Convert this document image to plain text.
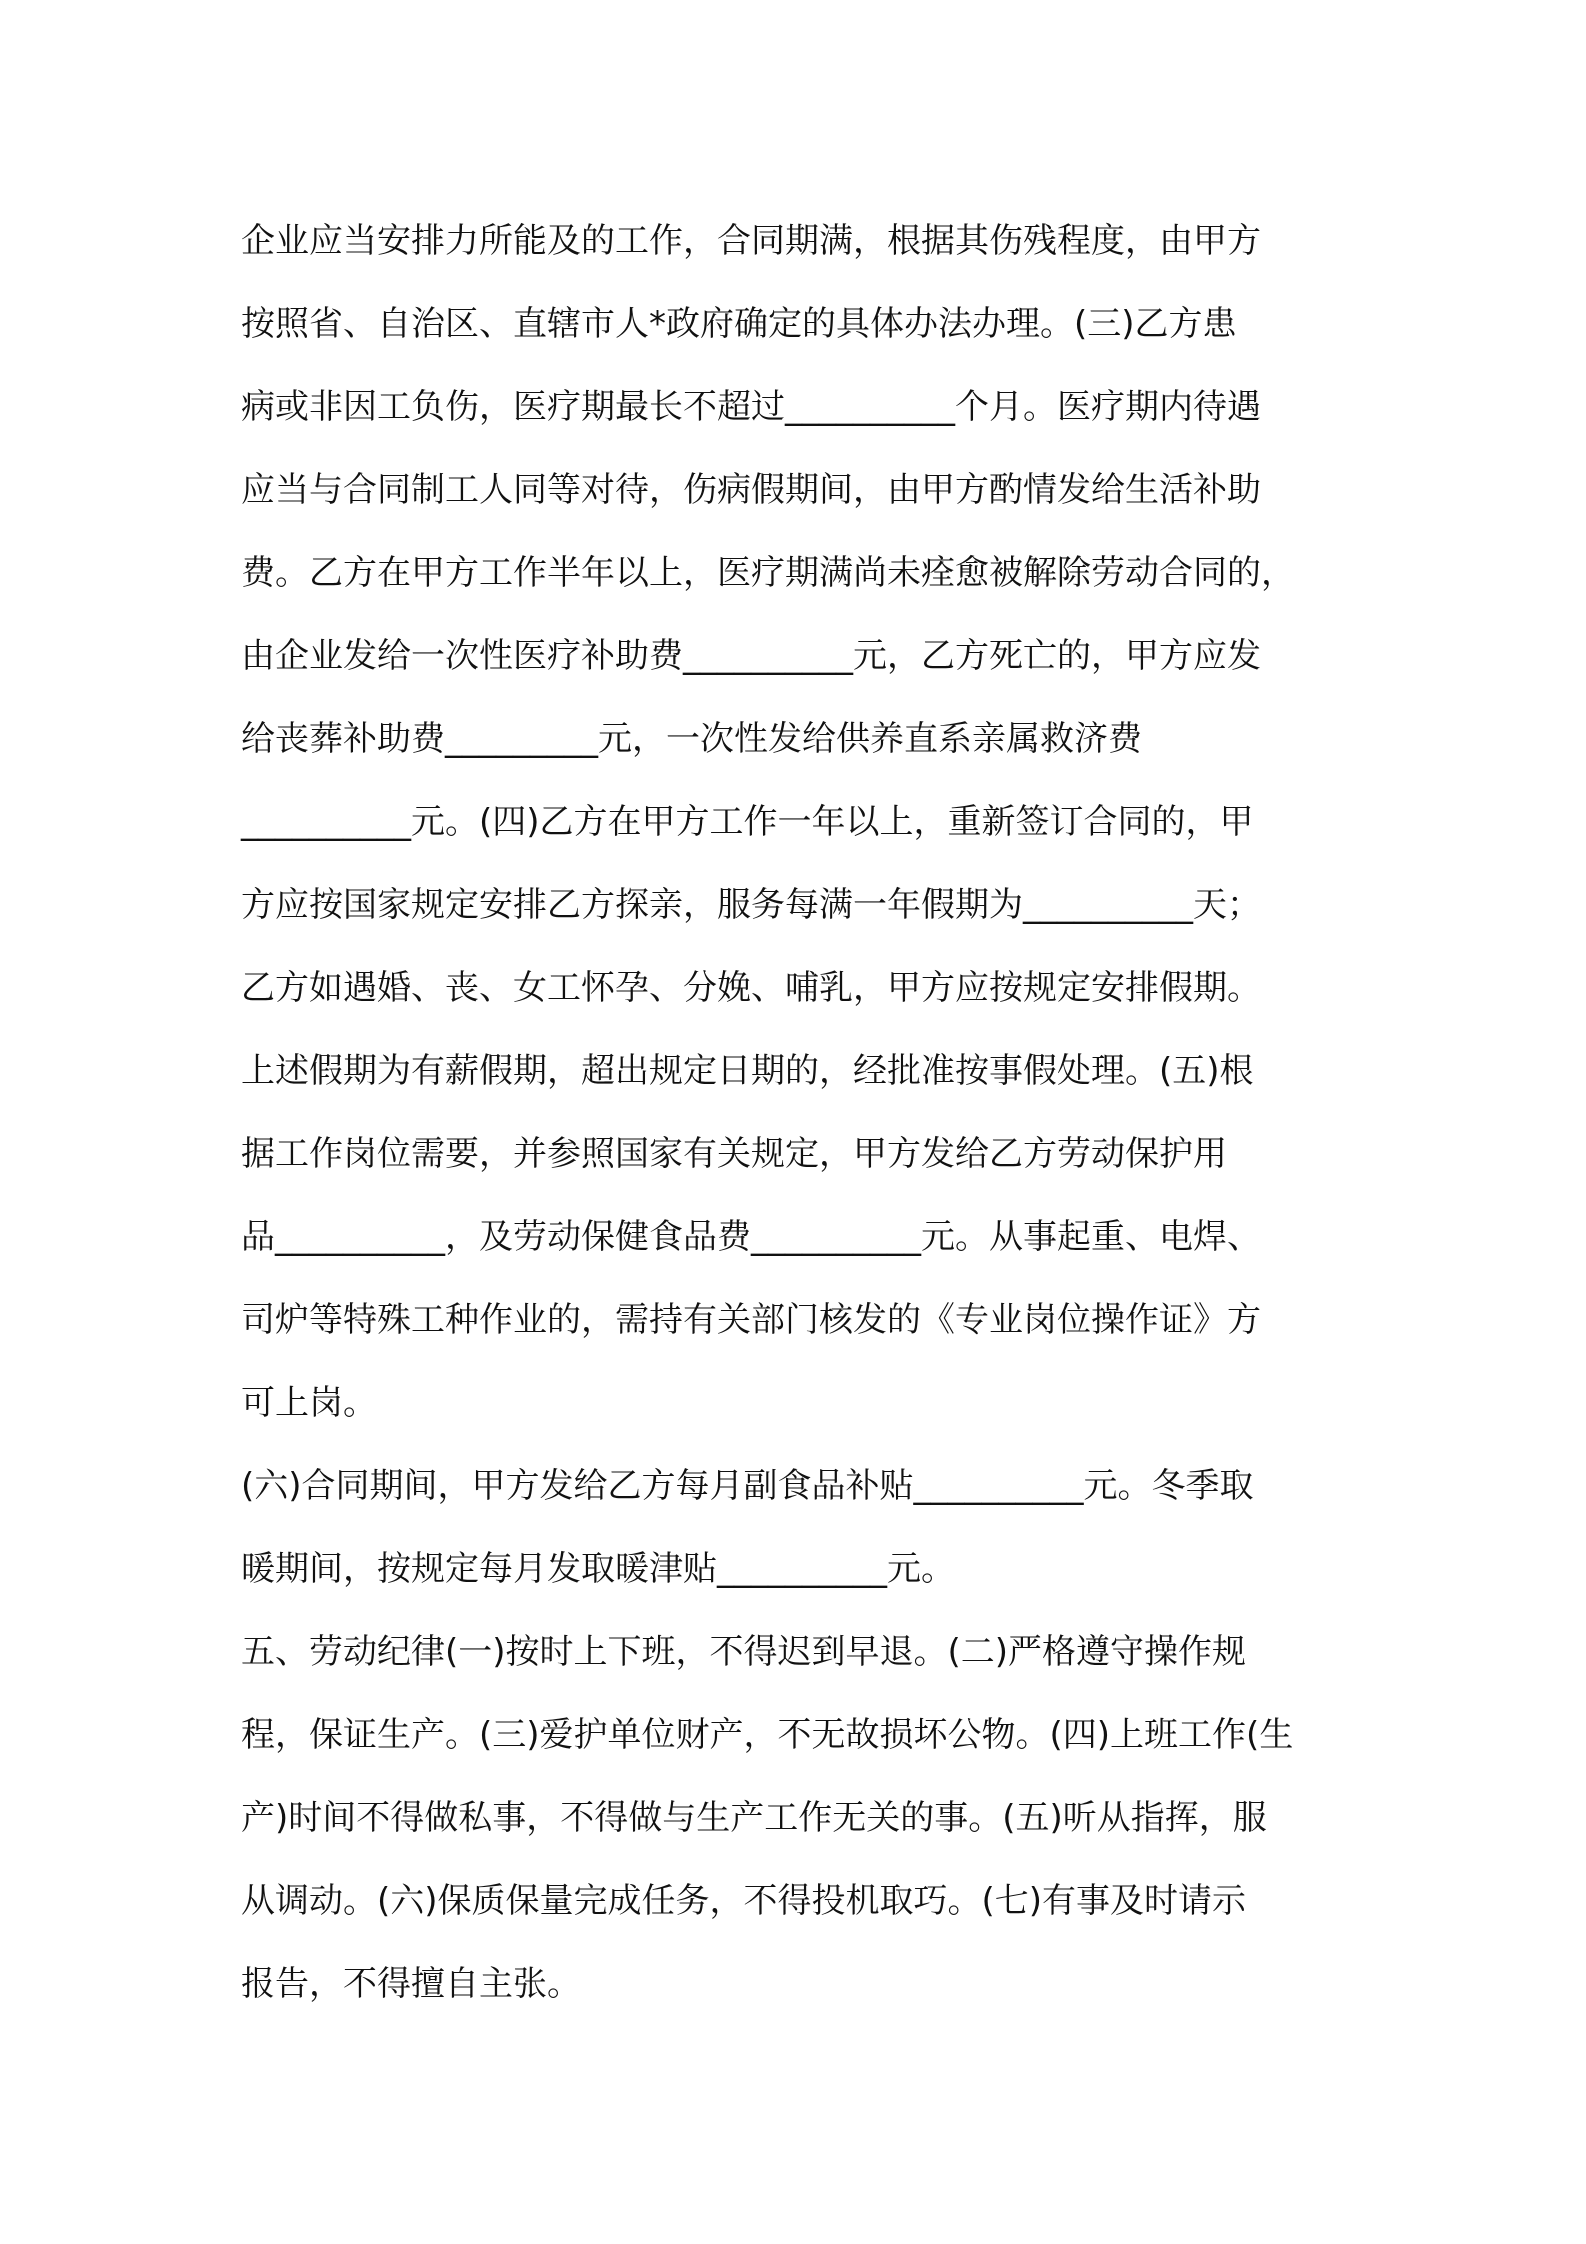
企业应当安排力所能及的工作，合同期满，根据其伤残程度，由甲方
按照省、自治区、直辖市人*政府确定的具体办法办理。(三)乙方患
病或非因工负伤，医疗期最长不超过__________个月。医疗期内待遇
应当与合同制工人同等对待，伤病假期间，由甲方酌情发给生活补助
费。乙方在甲方工作半年以上，医疗期满尚未痊愈被解除劳动合同的，
由企业发给一次性医疗补助费__________元，乙方死亡的，甲方应发
给丧葬补助费_________元，一次性发给供养直系亲属救济费
__________元。(四)乙方在甲方工作一年以上，重新签订合同的，甲
方应按国家规定安排乙方探亲，服务每满一年假期为__________天；
乙方如遇婚、丧、女工怀孕、分娩、哺乳，甲方应按规定安排假期。
上述假期为有薪假期，超出规定日期的，经批准按事假处理。(五)根
据工作岗位需要，并参照国家有关规定，甲方发给乙方劳动保护用
品__________，及劳动保健食品费__________元。从事起重、电焊、
司炉等特殊工种作业的，需持有关部门核发的《专业岗位操作证》方
可上岗。
(六)合同期间，甲方发给乙方每月副食品补贴__________元。冬季取
暖期间，按规定每月发取暖津贴__________元。
五、劳动纪律(一)按时上下班，不得迟到早退。(二)严格遵守操作规
程，保证生产。(三)爱护单位财产，不无故损坏公物。(四)上班工作(生
产)时间不得做私事，不得做与生产工作无关的事。(五)听从指挥，服
从调动。(六)保质保量完成任务，不得投机取巧。(七)有事及时请示
报告，不得擅自主张。
